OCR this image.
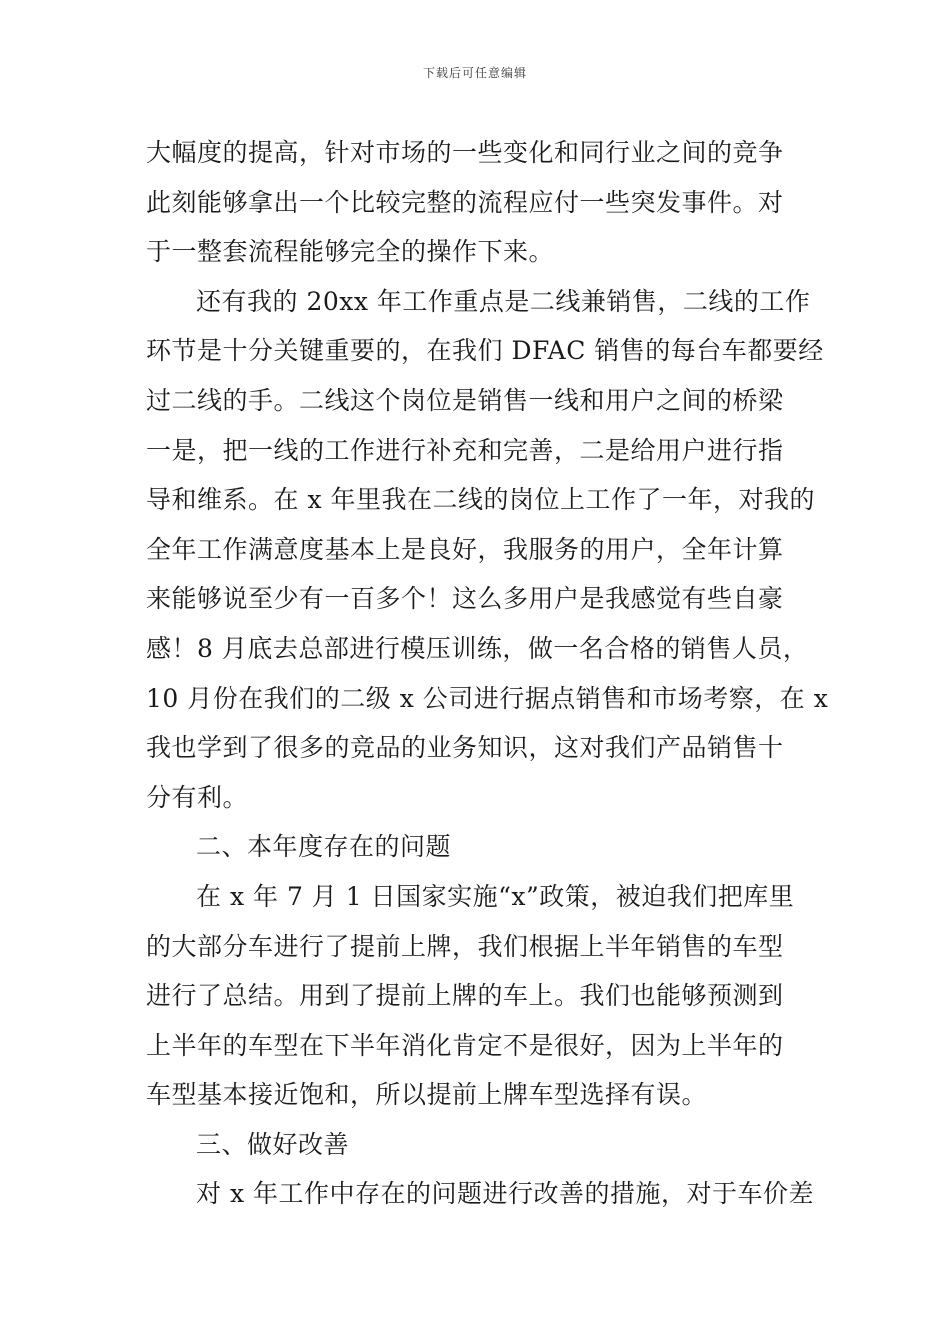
下载后可任意编辑
大幅度的提高，针对市场的一些变化和同行业之间的竞争
此刻能够拿出一个比较完整的流程应付一些突发事件。对
于一整套流程能够完全的操作下来。
还有我的 20xx 年工作重点是二线兼销售，二线的工作
环节是十分关键重要的，在我们 DFAC 销售的每台车都要经
过二线的手。二线这个岗位是销售一线和用户之间的桥梁
一是，把一线的工作进行补充和完善，二是给用户进行指
导和维系。在 x 年里我在二线的岗位上工作了一年，对我的
全年工作满意度基本上是良好，我服务的用户，全年计算
来能够说至少有一百多个！这么多用户是我感觉有些自豪
感！8 月底去总部进行模压训练，做一名合格的销售人员，
10 月份在我们的二级 x 公司进行据点销售和市场考察，在 x
我也学到了很多的竞品的业务知识，这对我们产品销售十
分有利。
二、本年度存在的问题
在 x 年 7 月 1 日国家实施“x”政策，被迫我们把库里
的大部分车进行了提前上牌，我们根据上半年销售的车型
进行了总结。用到了提前上牌的车上。我们也能够预测到
上半年的车型在下半年消化肯定不是很好，因为上半年的
车型基本接近饱和，所以提前上牌车型选择有误。
三、做好改善
对 x 年工作中存在的问题进行改善的措施，对于车价差
